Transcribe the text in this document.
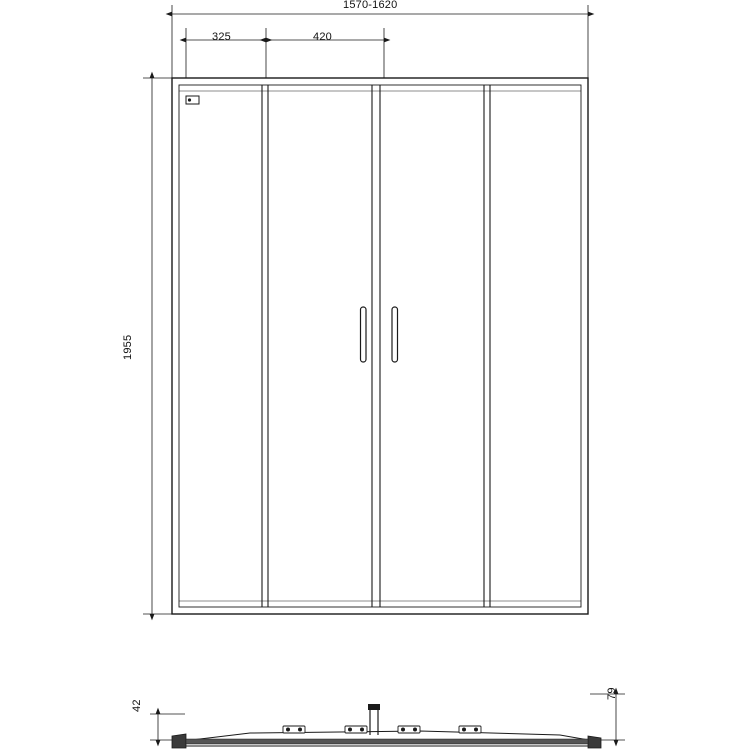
1570-1620
325	420
1955
42
79
